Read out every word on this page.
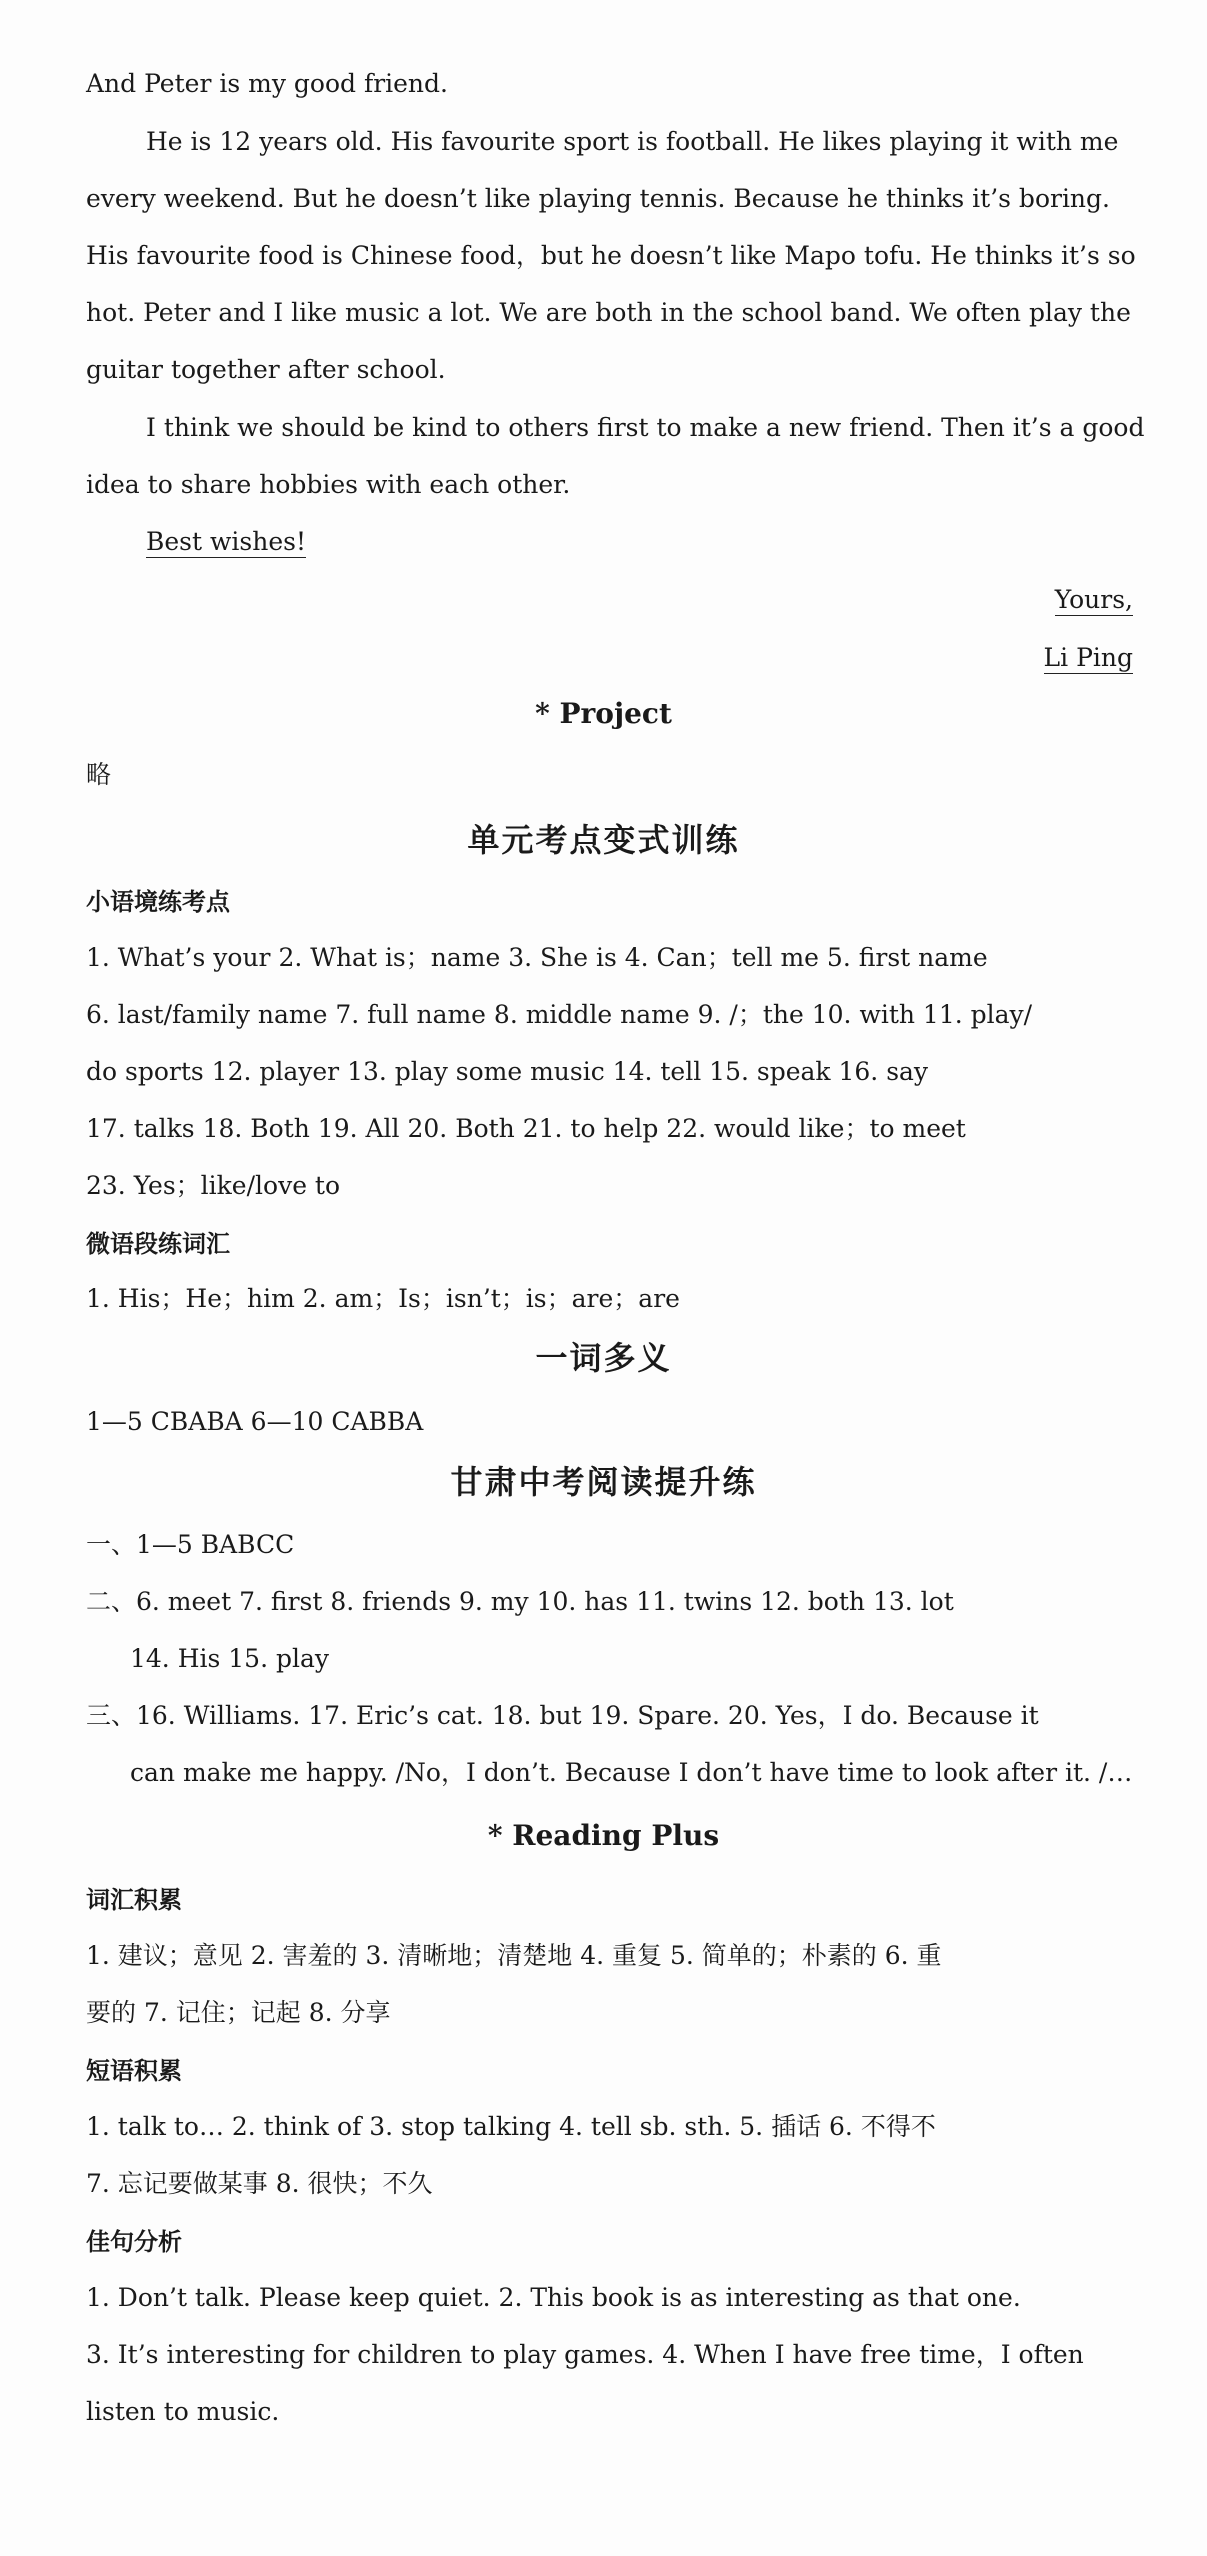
And Peter is my good friend.
He is 12 years old. His favourite sport is football. He likes playing it with me
every weekend. But he doesn’t like playing tennis. Because he thinks it’s boring.
His favourite food is Chinese food，but he doesn’t like Mapo tofu. He thinks it’s so
hot. Peter and I like music a lot. We are both in the school band. We often play the
guitar together after school.
I think we should be kind to others first to make a new friend. Then it’s a good
idea to share hobbies with each other.
Best wishes!
Yours,
Li Ping
* Project
略
单元考点变式训练
小语境练考点
1. What’s your 2. What is；name 3. She is 4. Can；tell me 5. first name
6. last/family name 7. full name 8. middle name 9. /；the 10. with 11. play/
do sports 12. player 13. play some music 14. tell 15. speak 16. say
17. talks 18. Both 19. All 20. Both 21. to help 22. would like；to meet
23. Yes；like/love to
微语段练词汇
1. His；He；him 2. am；Is；isn’t；is；are；are
一词多义
1—5 CBABA 6—10 CABBA
甘肃中考阅读提升练
一、1—5 BABCC
二、6. meet 7. first 8. friends 9. my 10. has 11. twins 12. both 13. lot
14. His 15. play
三、16. Williams. 17. Eric’s cat. 18. but 19. Spare. 20. Yes，I do. Because it
can make me happy. /No，I don’t. Because I don’t have time to look after it. /…
* Reading Plus
词汇积累
1. 建议；意见 2. 害羞的 3. 清晰地；清楚地 4. 重复 5. 简单的；朴素的 6. 重
要的 7. 记住；记起 8. 分享
短语积累
1. talk to… 2. think of 3. stop talking 4. tell sb. sth. 5. 插话 6. 不得不
7. 忘记要做某事 8. 很快；不久
佳句分析
1. Don’t talk. Please keep quiet. 2. This book is as interesting as that one.
3. It’s interesting for children to play games. 4. When I have free time，I often
listen to music.
